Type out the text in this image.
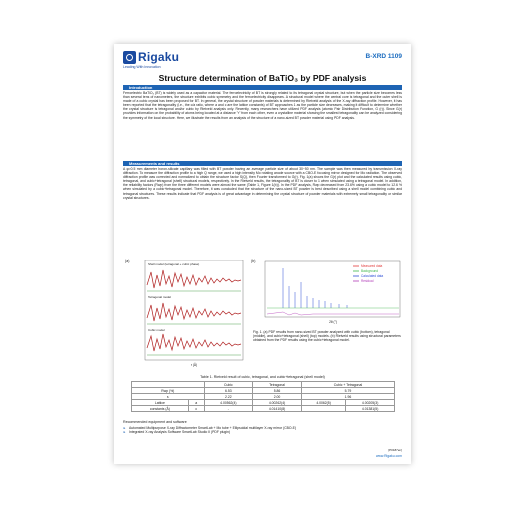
Rigaku
Leading With Innovation
B-XRD 1109
Structure determination of BaTiO₃ by PDF analysis
Introduction
Ferroelectric BaTiO₃ (BT) is widely used as a capacitor material. The ferroelectricity of BT is strongly related to its tetragonal crystal structure, but when the particle size becomes less than several tens of nanometers, the structure exhibits cubic symmetry and the ferroelectricity disappears. A structural model where the central core is tetragonal and the outer shell is made of a cubic crystal has been proposed for BT. In general, the crystal structure of powder materials is determined by Rietveld analysis of the X-ray diffraction profile. However, it has been reported that the tetragonality (i.e., the c/a ratio, where a and c are the lattice constants) of BT approaches 1 as the particle size decreases, making it difficult to determine whether the crystal structure is tetragonal and/or cubic by Rietveld analysis only. Recently, many researchers have utilized PDF analysis (atomic Pair Distribution Function, G (r)). Since G(r) provides information on the probability of atoms being located at a distance "r" from each other, even a crystalline material showing the smallest tetragonality can be analyzed considering the symmetry of the local structure. Here, we illustrate the results from an analysis of the structure of a nano-sized BT powder material using PDF analysis.
Measurements and results
A φ=0.5 mm diameter boron-silicate capillary was filled with BT powder having an average particle size of about 30~50 nm. The sample was then measured by transmission X-ray diffraction. To measure the diffraction profile to a high Q range, we used a high intensity Mo rotating anode source with a CBO-E focusing mirror designed for Mo radiation. The observed diffraction profile was corrected and normalized to obtain the structure factor S(Q), then Fourier transformed to G(r). Fig. 1(a) shows the G(r) plot and the calculated results using cubic, tetragonal, and cubic+tetragonal (shell) structural models, respectively. In the Rietveld results, the tetragonality of BT is closer to 1 when simulated using a tetragonal model. In addition, the reliability factors (Rwp) from the three different models were almost the same (Table 1, Figure 1(b)). In the PDF analysis, Rwp decreased from 23.6% using a cubic model to 12.6 % when simulated by a cubic+tetragonal model. Therefore, it was concluded that the structure of the nano-sized BT powder is best described using a shell model combining cubic and tetragonal structures. These results indicate that PDF analysis is of great advantage in determining the crystal structure of powder materials with extremely small tetragonality or similar crystal structures.
(a)
Shell model (tetragonal + cubic phase)
Tetragonal model
Cubic model
r (Å)
(b)
Measured data
Background
Calculated data
Residual
2θ (°)
Fig. 1. (a) PDF results from nano-sized BT powder analyzed with cubic (bottom), tetragonal (middle), and cubic+tetragonal (shell) (top) models. (b) Rietveld results using structural parameters obtained from the PDF results using the cubic+tetragonal model.
Table 1. Rietveld result of cubic, tetragonal, and cubic+tetragonal (shell model)
		Cubic	Tetragonal	Cubic + Tetragonal	
Rwp (%)		6.53	5.86	5.79	
s		2.22	2.00	1.96	
Lattice	a	4.00562(4)	4.00262(4)	4.0062(5)	4.00205(3)
constants (Å)	c	-	4.01410(8)		4.01381(5)
Recommended equipment and software
► Automated Multipurpose X-ray Diffractometer SmartLab + Mo tube + Ellipsoidal multilayer X-ray mirror (CBO-E)
► Integrated X-ray Analysis Software SmartLab Studio II (PDF plugin)
[P0187en]
www.Rigaku.com
